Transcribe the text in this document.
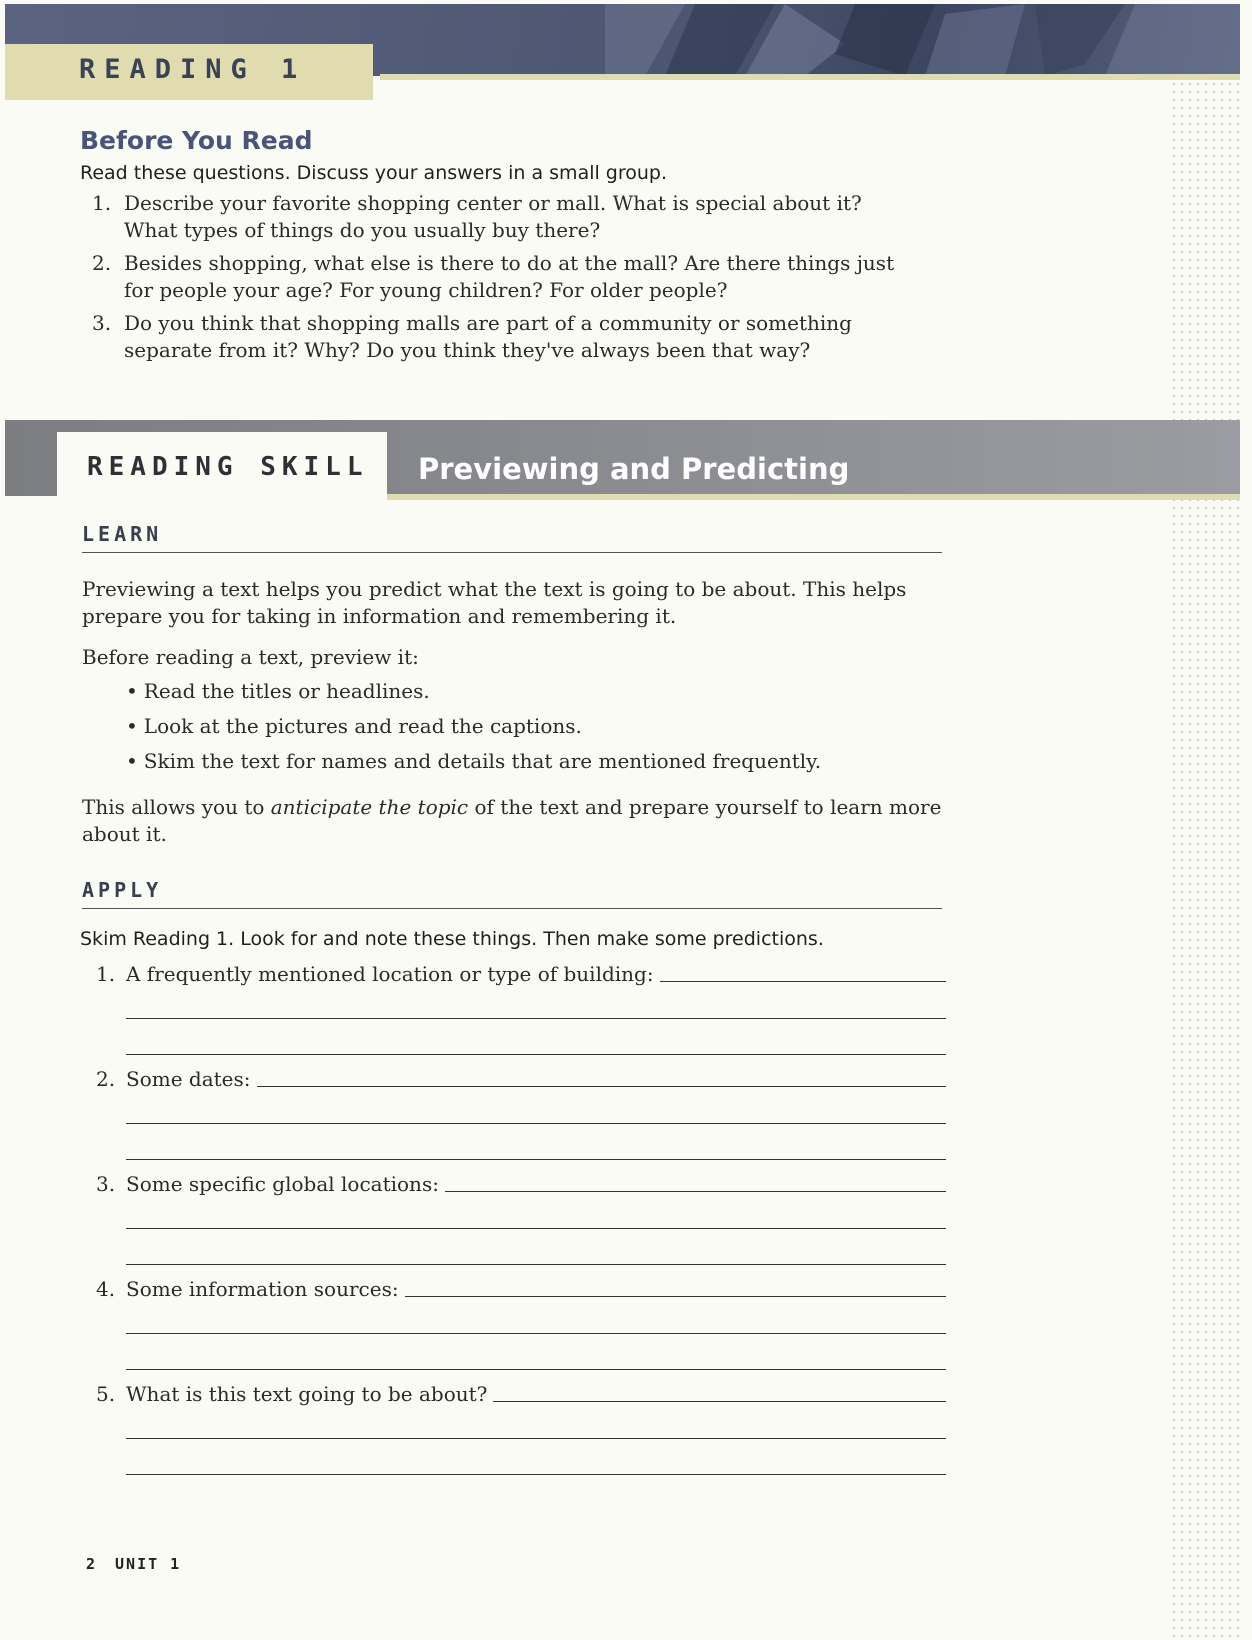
READING 1
Before You Read

Read these questions. Discuss your answers in a small group.

1. Describe your favorite shopping center or mall. What is special about it? What types of things do you usually buy there?
2. Besides shopping, what else is there to do at the mall? Are there things just for people your age? For young children? For older people?
3. Do you think that shopping malls are part of a community or something separate from it? Why? Do you think they've always been that way?
READING SKILL	Previewing and Predicting
LEARN

Previewing a text helps you predict what the text is going to be about. This helps prepare you for taking in information and remembering it.

Before reading a text, preview it:

• Read the titles or headlines.
• Look at the pictures and read the captions.
• Skim the text for names and details that are mentioned frequently.

This allows you to anticipate the topic of the text and prepare yourself to learn more about it.

APPLY

Skim Reading 1. Look for and note these things. Then make some predictions.

1. A frequently mentioned location or type of building:
2. Some dates:
3. Some specific global locations:
4. Some information sources:
5. What is this text going to be about?
2 UNIT 1
